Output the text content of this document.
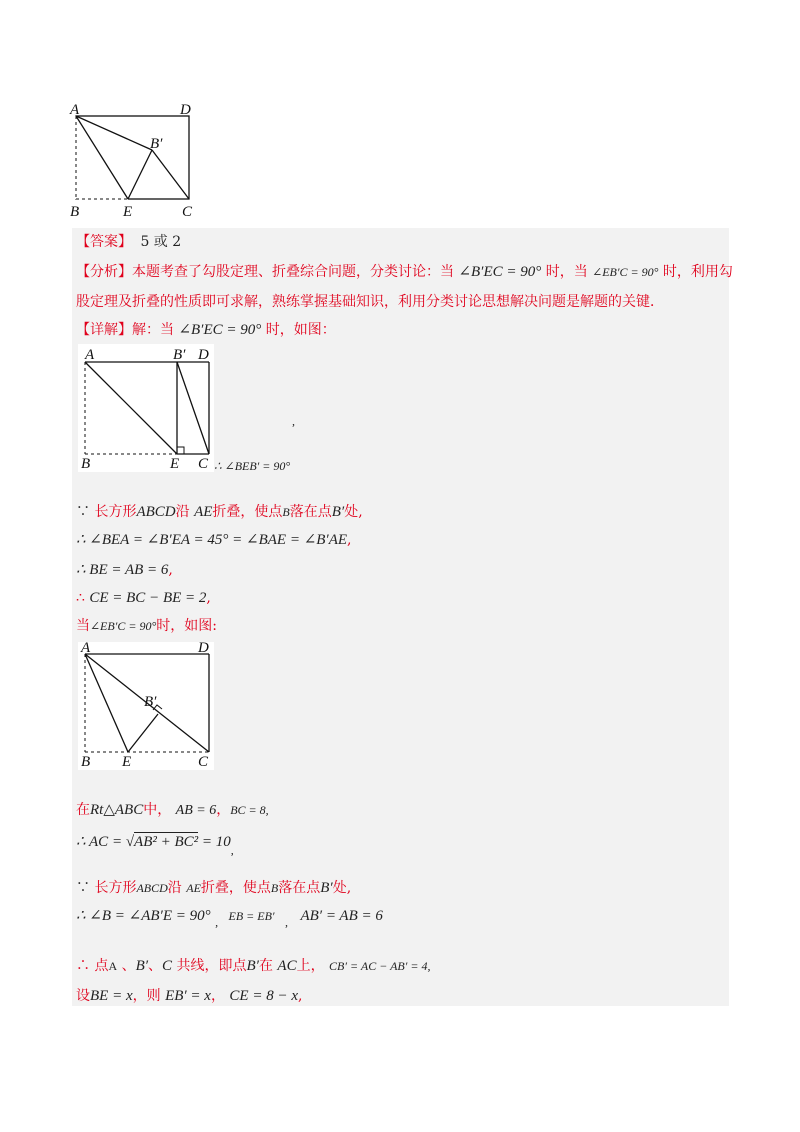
A	D
B′
B	E	C
【答案】 5 或 2
【分析】本题考查了勾股定理、折叠综合问题，分类讨论：当 ∠B′EC = 90° 时，当 ∠EB′C = 90° 时，利用勾
股定理及折叠的性质即可求解，熟练掌握基础知识，利用分类讨论思想解决问题是解题的关键．
【详解】解：当 ∠B′EC = 90° 时，如图：
A	B′ D
B	E C ∴ ∠BEB′ = 90°
,
∵ 长方形ABCD沿 AE折叠，使点B落在点B′处,
∴ ∠BEA = ∠B′EA = 45° = ∠BAE = ∠B′AE,
∴ BE = AB = 6,
∴ CE = BC − BE = 2,
当∠EB′C = 90°时，如图:
A	D
B′
B E	C
在Rt△ABC中， AB = 6，BC = 8,
∴ AC = √AB² + BC² = 10,
∵ 长方形ABCD沿 AE折叠，使点B落在点B′处,
∴ ∠B = ∠AB′E = 90° , EB = EB′ , AB′ = AB = 6
∴ 点A 、B′、C 共线，即点B′在 AC上， CB′ = AC − AB′ = 4,
设BE = x，则 EB′ = x， CE = 8 − x,
